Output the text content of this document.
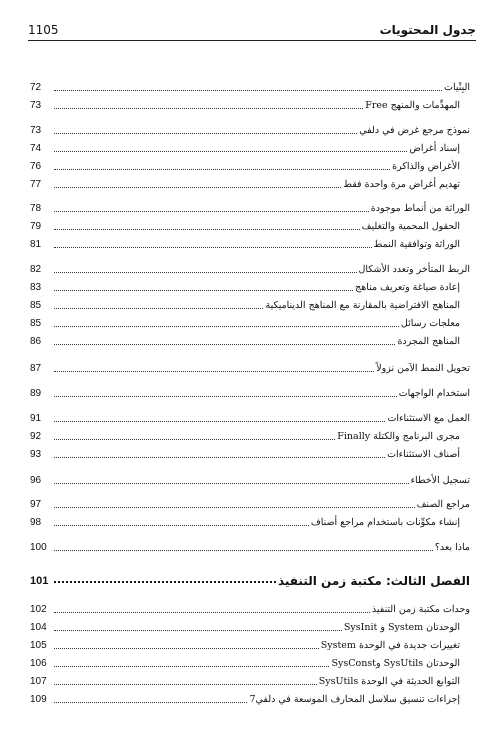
1105	جدول المحتويات
البِنْيات
72
المهدِّمات والمنهج Free
73
نموذج مرجع غرض في دلفي
73
إسناد أغراض
74
الأغراض والذاكرة
76
تهديم أغراض مرة واحدة فقط
77
الوراثة من أنماط موجودة
78
الحقول المحمية والتغليف
79
الوراثة وتوافقية النمط
81
الربط المتأخر وتعدد الأشكال
82
إعادة صياغة وتعريف مناهج
83
المناهج الافتراضية بالمقارنة مع المناهج الديناميكية
85
معلجات رسائل
85
المناهج المجردة
86
تحويل النمط الآمن نزولاً
87
استخدام الواجهات
89
العمل مع الاستثناءات
91
مجرى البرنامج والكتلة Finally
92
أصناف الاستثناءات
93
تسجيل الأخطاء
96
مراجع الصنف
97
إنشاء مكوِّنات باستخدام مراجع أصناف
98
ماذا بعد؟
100
الفصل الثالث: مكتبة زمن التنفيذ
101
وحدات مكتبة زمن التنفيذ
102
الوحدتان System و SysInit
104
تغييرات جديدة في الوحدة System
105
الوحدتان SysUtils وSysConst
106
التوابع الحديثة في الوحدة SysUtils
107
إجراءات تنسيق سلاسل المحارف الموسعة في دلفي7
109
